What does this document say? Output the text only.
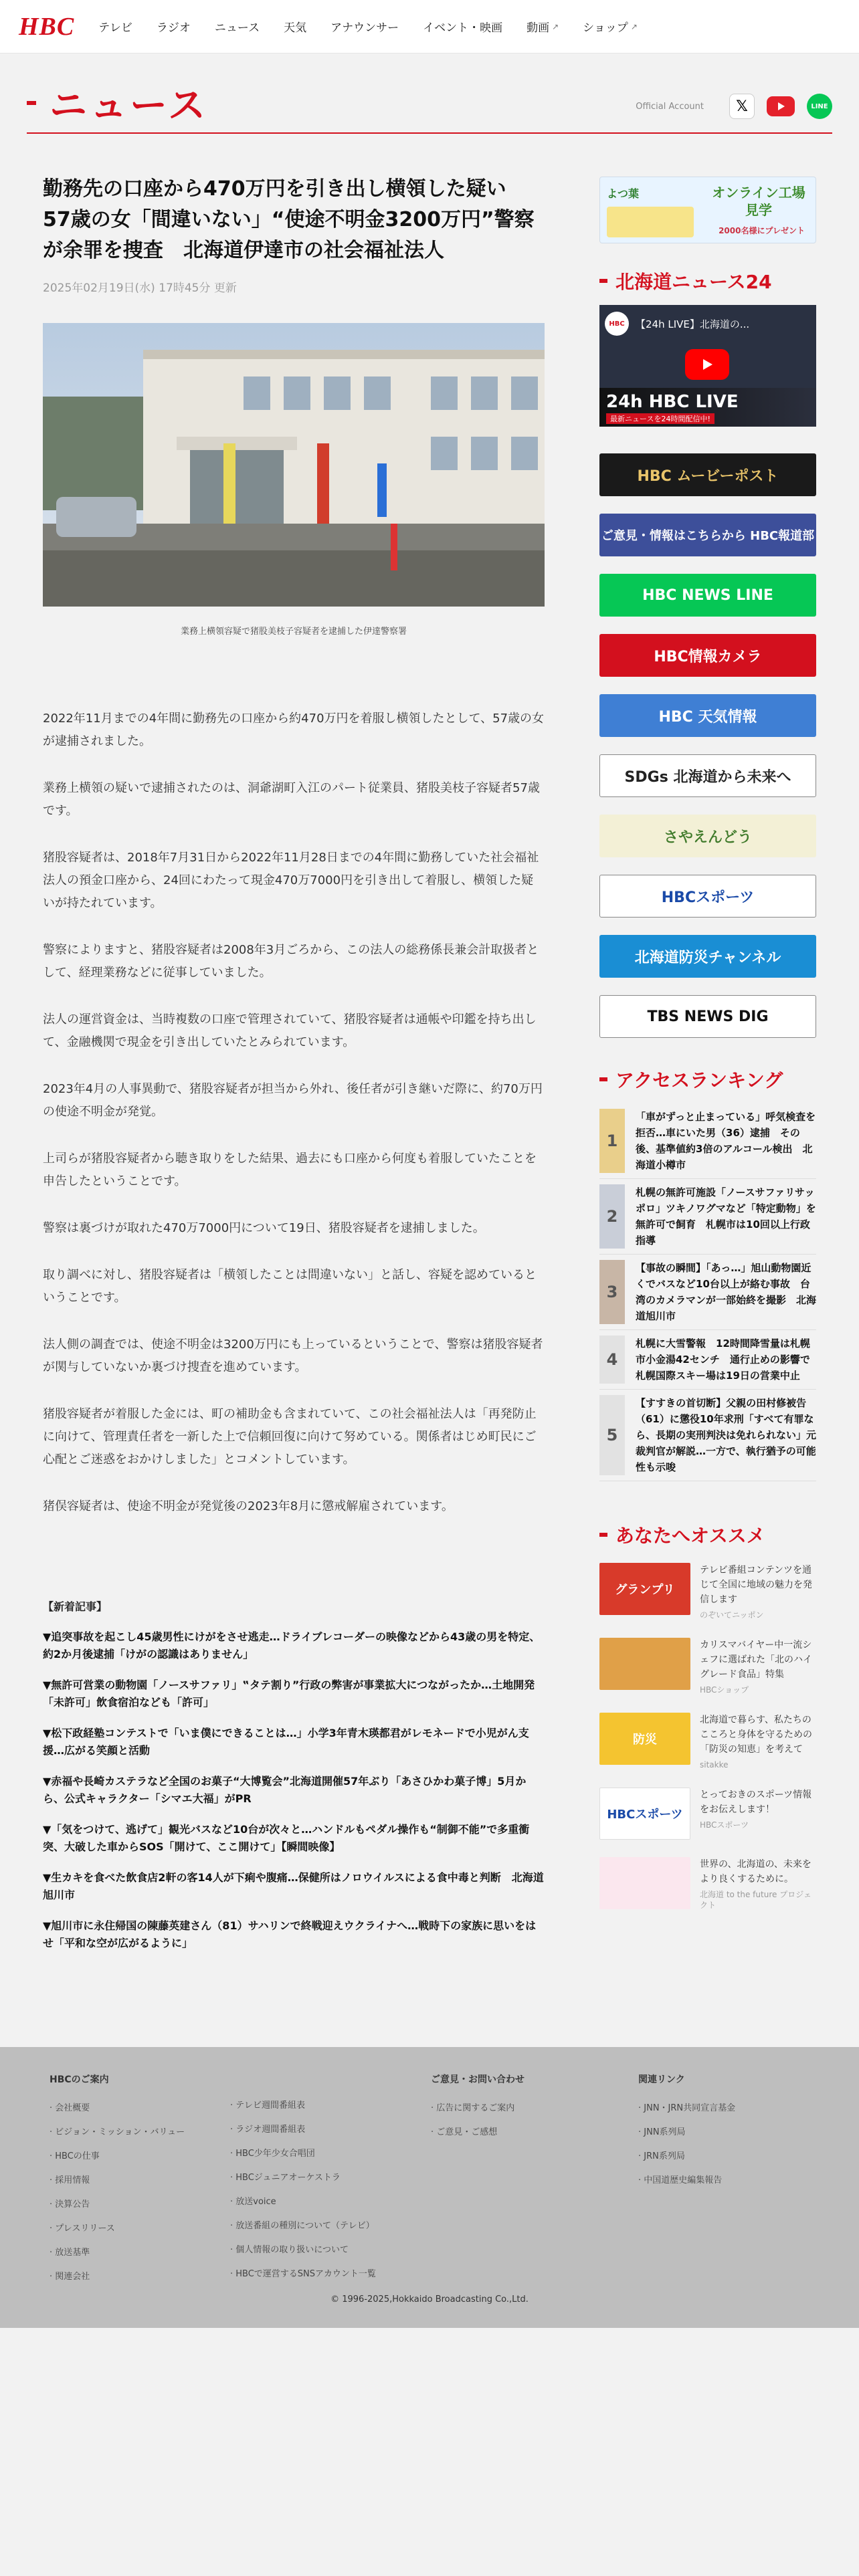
HBC テレビ ラジオ ニュース 天気 アナウンサー イベント・映画 動画 ↗ ショップ ↗
ニュース	Official Account	𝕏	LINE
勤務先の口座から470万円を引き出し横領した疑い　57歳の女「間違いない」“使途不明金3200万円”警察が余罪を捜査　北海道伊達市の社会福祉法人
2025年02月19日(水) 17時45分 更新
業務上横領容疑で猪股美枝子容疑者を逮捕した伊達警察署

2022年11月までの4年間に勤務先の口座から約470万円を着服し横領したとして、57歳の女が逮捕されました。

業務上横領の疑いで逮捕されたのは、洞爺湖町入江のパート従業員、猪股美枝子容疑者57歳です。

猪股容疑者は、2018年7月31日から2022年11月28日までの4年間に勤務していた社会福祉法人の預金口座から、24回にわたって現金470万7000円を引き出して着服し、横領した疑いが持たれています。

警察によりますと、猪股容疑者は2008年3月ごろから、この法人の総務係長兼会計取扱者として、経理業務などに従事していました。

法人の運営資金は、当時複数の口座で管理されていて、猪股容疑者は通帳や印鑑を持ち出して、金融機関で現金を引き出していたとみられています。

2023年4月の人事異動で、猪股容疑者が担当から外れ、後任者が引き継いだ際に、約70万円の使途不明金が発覚。

上司らが猪股容疑者から聴き取りをした結果、過去にも口座から何度も着服していたことを申告したということです。

警察は裏づけが取れた470万7000円について19日、猪股容疑者を逮捕しました。

取り調べに対し、猪股容疑者は「横領したことは間違いない」と話し、容疑を認めているということです。

法人側の調査では、使途不明金は3200万円にも上っているということで、警察は猪股容疑者が関与していないか裏づけ捜査を進めています。

猪股容疑者が着服した金には、町の補助金も含まれていて、この社会福祉法人は「再発防止に向けて、管理責任者を一新した上で信頼回復に向けて努めている。関係者はじめ町民にご心配とご迷惑をおかけしました」とコメントしています。

猪俣容疑者は、使途不明金が発覚後の2023年8月に懲戒解雇されています。

【新着記事】
▼追突事故を起こし45歳男性にけがをさせ逃走…ドライブレコーダーの映像などから43歳の男を特定、約2か月後逮捕「けがの認識はありません」
▼無許可営業の動物園「ノースサファリ」‟タテ割り”行政の弊害が事業拡大につながったか…土地開発「未許可」飲食宿泊なども「許可」
▼松下政経塾コンテストで「いま僕にできることは…」小学3年青木瑛都君がレモネードで小児がん支援…広がる笑顔と活動
▼赤福や長崎カステラなど全国のお菓子“大博覧会”北海道開催57年ぶり「あさひかわ菓子博」5月から、公式キャラクター「シマエ大福」がPR
▼「気をつけて、逃げて」観光バスなど10台が次々と…ハンドルもペダル操作も“制御不能”で多重衝突、大破した車からSOS「開けて、ここ開けて」【瞬間映像】
▼生カキを食べた飲食店2軒の客14人が下痢や腹痛…保健所はノロウイルスによる食中毒と判断　北海道旭川市
▼旭川市に永住帰国の陳藤英建さん（81）サハリンで終戦迎えウクライナへ…戦時下の家族に思いをはせ「平和な空が広がるように」
よつ葉	オンライン工場見学
2000名様にプレゼント
北海道ニュース24
HBC	【24h LIVE】北海道の...
24h HBC LIVE
最新ニュースを24時間配信中!
HBC ムービーポスト
ご意見・情報はこちらから HBC報道部
HBC NEWS LINE
HBC情報カメラ
HBC 天気情報
SDGs 北海道から未来へ
さやえんどう
HBCスポーツ
北海道防災チャンネル
TBS NEWS DIG
アクセスランキング
1
「車がずっと止まっている」呼気検査を拒否…車にいた男（36）逮捕　その後、基準値約3倍のアルコール検出　北海道小樽市
2
札幌の無許可施設「ノースサファリサッポロ」ツキノワグマなど「特定動物」を無許可で飼育　札幌市は10回以上行政指導
3
【事故の瞬間】「あっ…」旭山動物園近くでバスなど10台以上が絡む事故　台湾のカメラマンが一部始終を撮影　北海道旭川市
4
札幌に大雪警報　12時間降雪量は札幌市小金湯42センチ　通行止めの影響で札幌国際スキー場は19日の営業中止
5
【すすきの首切断】父親の田村修被告（61）に懲役10年求刑「すべて有罪なら、長期の実刑判決は免れられない」元裁判官が解説…一方で、執行猶予の可能性も示唆
あなたへオススメ
グランプリ
テレビ番組コンテンツを通じて全国に地域の魅力を発信します
のぞいてニッポン
カリスマバイヤー中一流シェフに選ばれた「北のハイグレード食品」特集
HBCショップ
防災
北海道で暮らす、私たちのこころと身体を守るための「防災の知恵」を考えて
sitakke
HBCスポーツ
とっておきのスポーツ情報をお伝えします！
HBCスポーツ
世界の、北海道の、未来をより良くするために。
北海道 to the future プロジェクト
HBCのご案内
· 会社概要
· ビジョン・ミッション・バリュー
· HBCの仕事
· 採用情報
· 決算公告
· プレスリリース
· 放送基準
· 関連会社

· テレビ週間番組表
· ラジオ週間番組表
· HBC少年少女合唱団
· HBCジュニアオーケストラ
· 放送voice
· 放送番組の種別について（テレビ）
· 個人情報の取り扱いについて
· HBCで運営するSNSアカウント一覧
ご意見・お問い合わせ
· 広告に関するご案内
· ご意見・ご感想
関連リンク
· JNN・JRN共同宣言基金
· JNN系列局
· JRN系列局
· 中国道歴史編集報告
© 1996-2025,Hokkaido Broadcasting Co.,Ltd.
